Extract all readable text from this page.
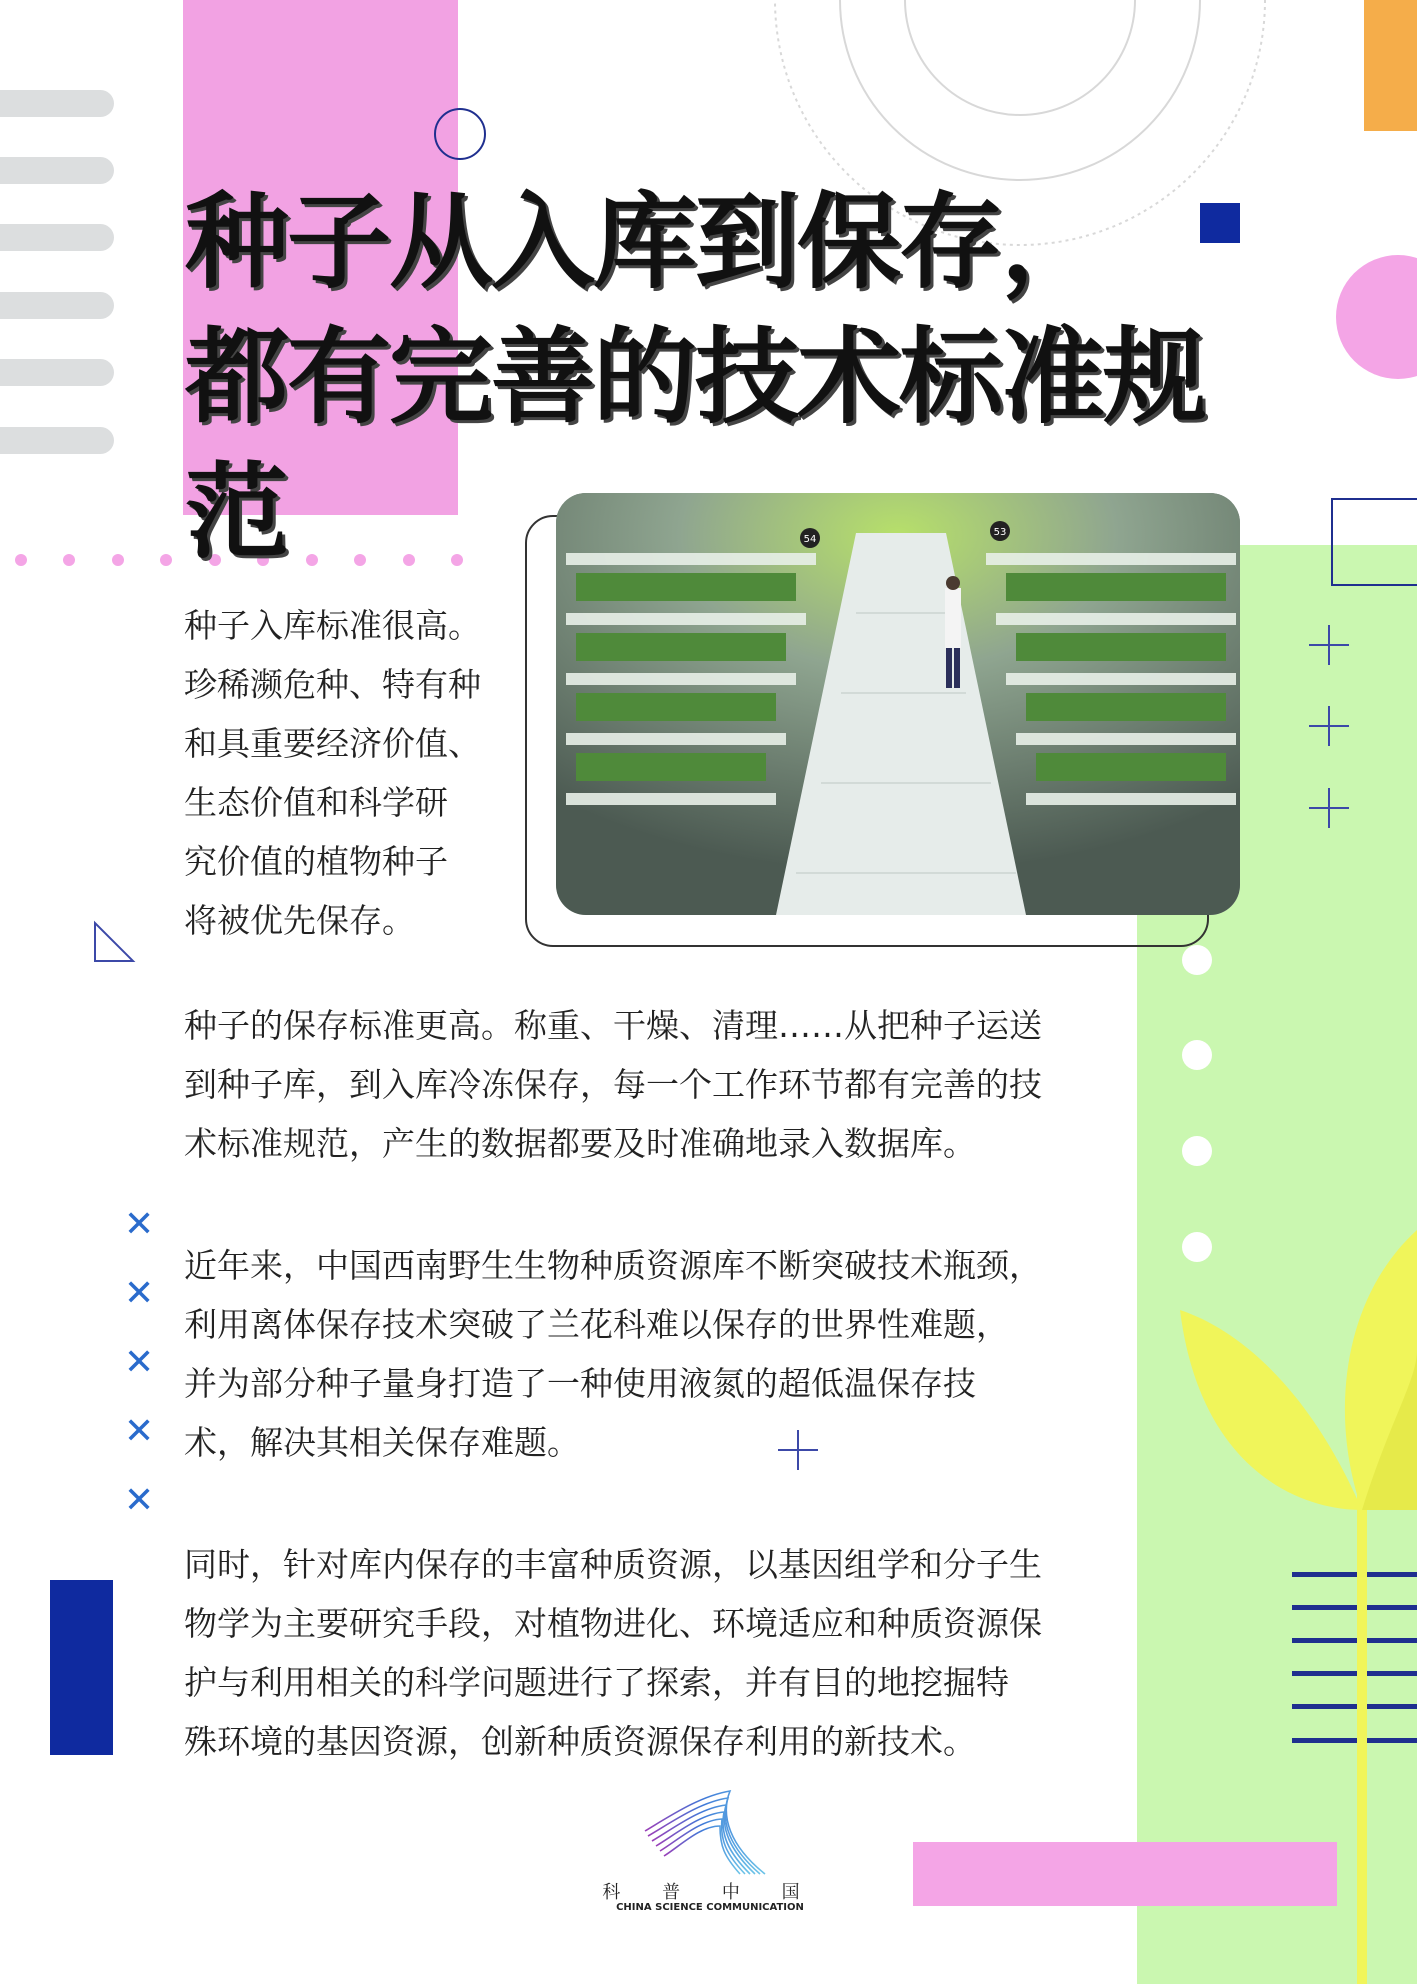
✕
✕
✕
✕
✕
种子从入库到保存，
都有完善的技术标准规范	54
53
种子入库标准很高。
珍稀濒危种、特有种
和具重要经济价值、
生态价值和科学研
究价值的植物种子
将被优先保存。
种子的保存标准更高。称重、干燥、清理……从把种子运送
到种子库，到入库冷冻保存，每一个工作环节都有完善的技
术标准规范，产生的数据都要及时准确地录入数据库。
近年来，中国西南野生生物种质资源库不断突破技术瓶颈，
利用离体保存技术突破了兰花科难以保存的世界性难题，
并为部分种子量身打造了一种使用液氮的超低温保存技
术，解决其相关保存难题。
同时，针对库内保存的丰富种质资源，以基因组学和分子生
物学为主要研究手段，对植物进化、环境适应和种质资源保
护与利用相关的科学问题进行了探索，并有目的地挖掘特
殊环境的基因资源，创新种质资源保存利用的新技术。
科 普 中 国
CHINA SCIENCE COMMUNICATION
